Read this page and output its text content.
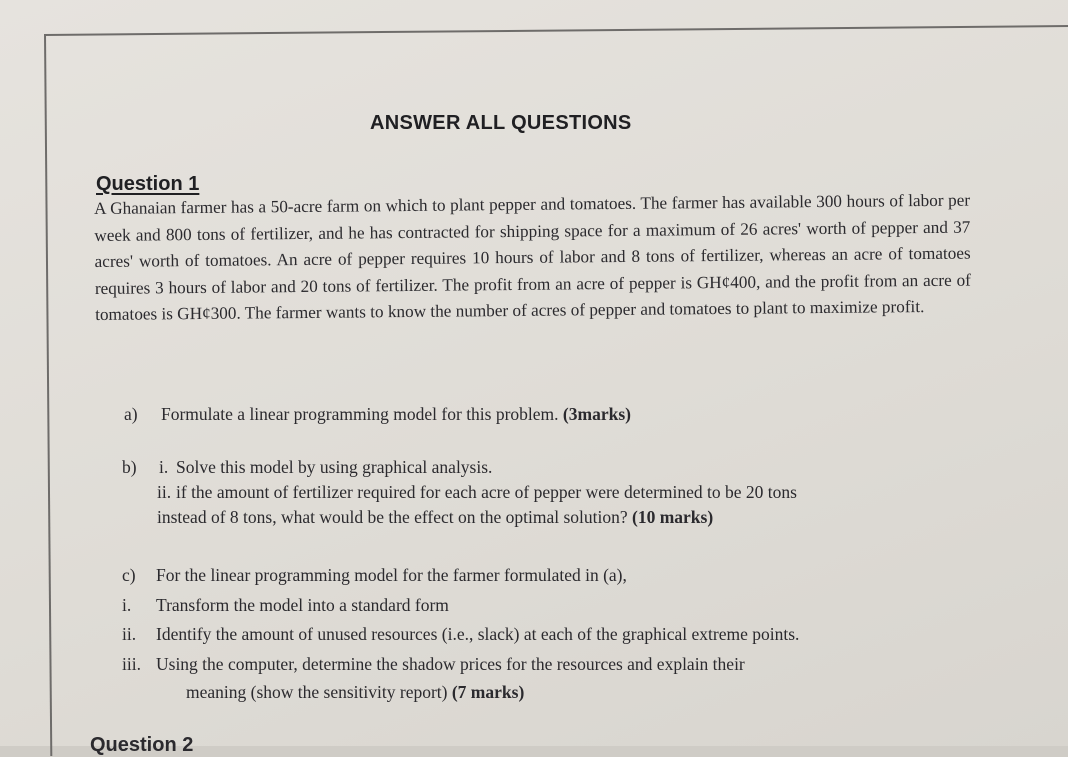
ANSWER ALL QUESTIONS
Question 1
A Ghanaian farmer has a 50-acre farm on which to plant pepper and tomatoes. The farmer has available 300 hours of labor per week and 800 tons of fertilizer, and he has contracted for shipping space for a maximum of 26 acres' worth of pepper and 37 acres' worth of tomatoes. An acre of pepper requires 10 hours of labor and 8 tons of fertilizer, whereas an acre of tomatoes requires 3 hours of labor and 20 tons of fertilizer. The profit from an acre of pepper is GH¢400, and the profit from an acre of tomatoes is GH¢300. The farmer wants to know the number of acres of pepper and tomatoes to plant to maximize profit.
a) Formulate a linear programming model for this problem. (3marks)
b) i. Solve this model by using graphical analysis.
ii. if the amount of fertilizer required for each acre of pepper were determined to be 20 tons
instead of 8 tons, what would be the effect on the optimal solution? (10 marks)
c) For the linear programming model for the farmer formulated in (a),
i. Transform the model into a standard form
ii. Identify the amount of unused resources (i.e., slack) at each of the graphical extreme points.
iii. Using the computer, determine the shadow prices for the resources and explain their
meaning (show the sensitivity report) (7 marks)
Question 2
